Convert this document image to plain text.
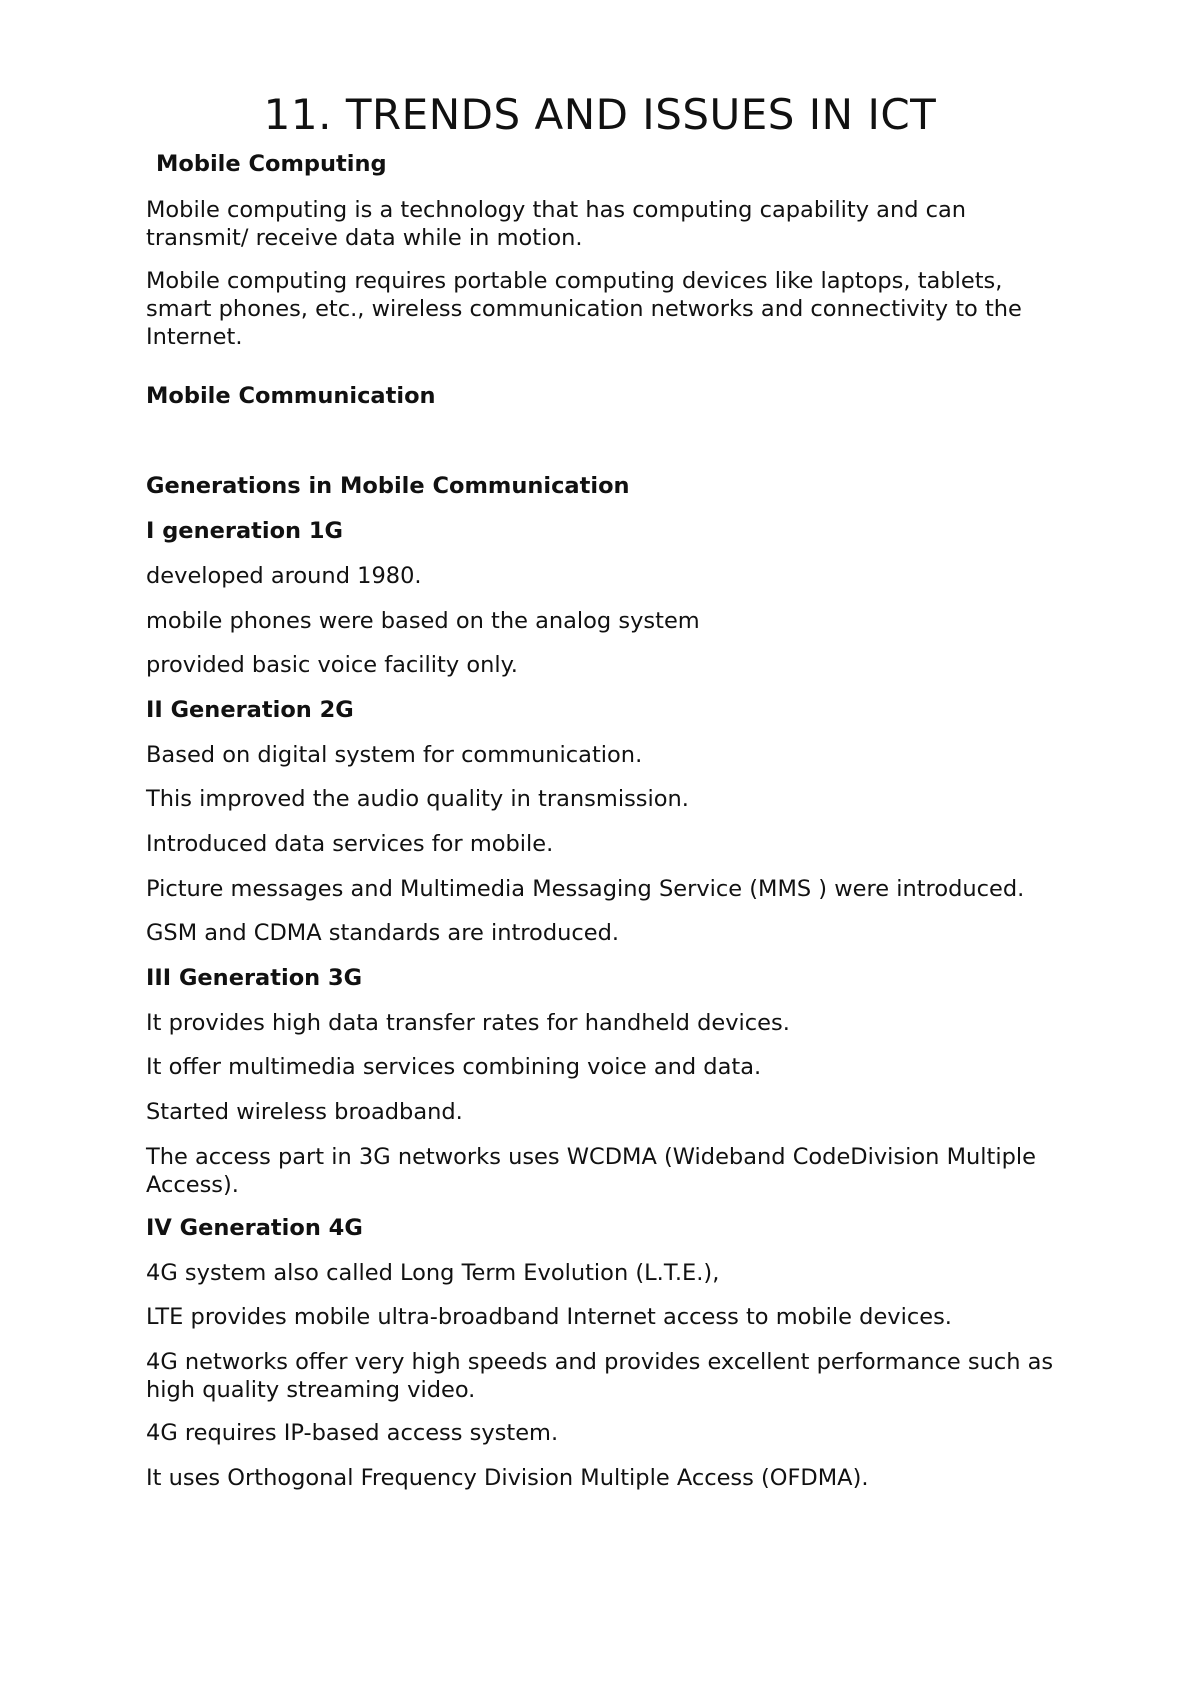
11. TRENDS AND ISSUES IN ICT

Mobile Computing

Mobile computing is a technology that has computing capability and can transmit/ receive data while in motion.

Mobile computing requires portable computing devices like laptops, tablets, smart phones, etc., wireless communication networks and connectivity to the Internet.

Mobile Communication

Generations in Mobile Communication

I generation 1G

developed around 1980.

mobile phones were based on the analog system

provided basic voice facility only.

II Generation 2G

Based on digital system for communication.

This improved the audio quality in transmission.

Introduced data services for mobile.

Picture messages and Multimedia Messaging Service (MMS ) were introduced.

GSM and CDMA standards are introduced.

III Generation 3G

It provides high data transfer rates for handheld devices.

It offer multimedia services combining voice and data.

Started wireless broadband.

The access part in 3G networks uses WCDMA (Wideband CodeDivision Multiple Access).

IV Generation 4G

4G system also called Long Term Evolution (L.T.E.),

LTE provides mobile ultra-broadband Internet access to mobile devices.

4G networks offer very high speeds and provides excellent performance such as high quality streaming video.

4G requires IP-based access system.

It uses Orthogonal Frequency Division Multiple Access (OFDMA).
